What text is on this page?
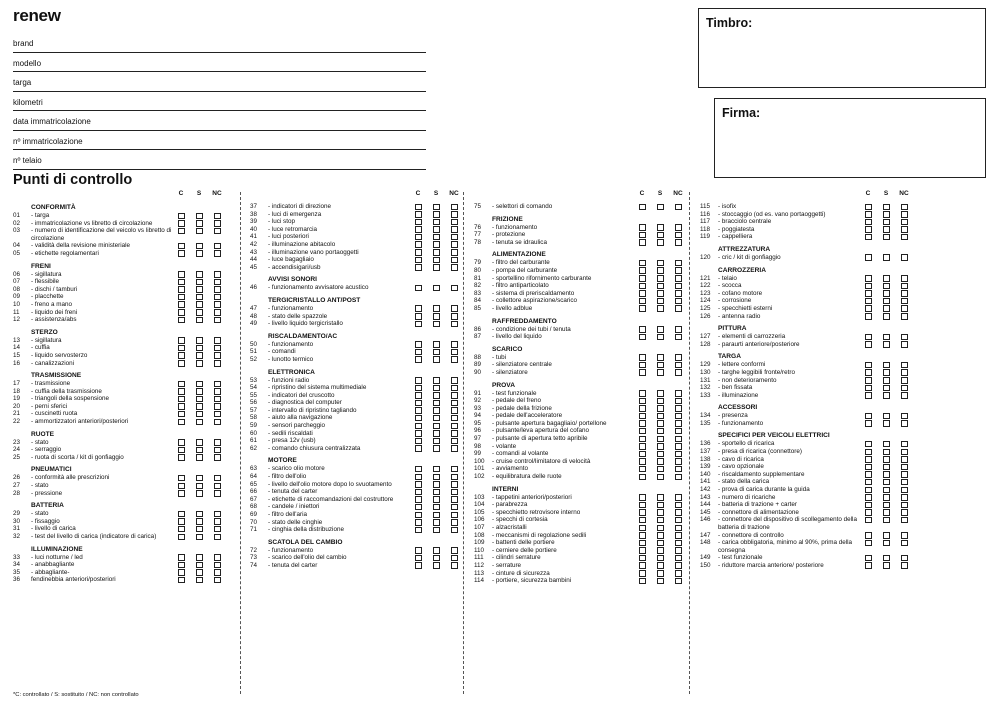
renew
brand
modello
targa
kilometri
data immatricolazione
nº immatricolazione
nº telaio
Timbro:
Firma:
Punti di controllo
C	S	NC
CONFORMITÀ
01	- targa
02	- immatricolazione vs libretto di circolazione
03	- numero di identificazione del veicolo vs libretto di circolazione
04	- validità della revisione ministeriale
05	- etichette regolamentari
FRENI
06	- sigillatura
07	- flessibile
08	- dischi / tamburi
09	- placchette
10	- freno a mano
11	- liquido dei freni
12	- assistenza/abs
STERZO
13	- sigillatura
14	- cuffia
15	- liquido servosterzo
16	- canalizzazioni
TRASMISSIONE
17	- trasmissione
18	- cuffia della trasmissione
19	- triangoli della sospensione
20	- perni sferici
21	- cuscinetti ruota
22	- ammortizzatori anteriori/posteriori
RUOTE
23	- stato
24	- serraggio
25	- ruota di scorta / kit di gonfiaggio
PNEUMATICI
26	- conformità alle prescrizioni
27	- stato
28	- pressione
BATTERIA
29	- stato
30	- fissaggio
31	- livello di carica
32	- test del livello di carica (indicatore di carica)
ILLUMINAZIONE
33	- luci notturne / led
34	- anabbagliante
35	- abbagliante-
36	fendinebbia anteriori/posteriori
C	S	NC
37	- indicatori di direzione
38	- luci di emergenza
39	- luci stop
40	- luce retromarcia
41	- luci posteriori
42	- illuminazione abitacolo
43	- illuminazione vano portaoggetti
44	- luce bagagliaio
45	- accendisigari/usb
AVVISI SONORI
46	- funzionamento avvisatore acustico
TERGICRISTALLO ANT/POST
47	- funzionamento
48	- stato delle spazzole
49	- livello liquido tergicristallo
RISCALDAMENTO/AC
50	- funzionamento
51	- comandi
52	- lunotto termico
ELETTRONICA
53	- funzioni radio
54	- ripristino del sistema multimediale
55	- indicatori del cruscotto
56	- diagnostica del computer
57	- intervallo di ripristino tagliando
58	- aiuto alla navigazione
59	- sensori parcheggio
60	- sedili riscaldati
61	- presa 12v (usb)
62	- comando chiusura centralizzata
MOTORE
63	- scarico olio motore
64	- filtro dell'olio
65	- livello dell'olio motore dopo lo svuotamento
66	- tenuta del carter
67	- etichette di raccomandazioni del costruttore
68	- candele / iniettori
69	- filtro dell'aria
70	- stato delle cinghie
71	- cinghia della distribuzione
SCATOLA DEL CAMBIO
72	- funzionamento
73	- scarico dell'olio del cambio
74	- tenuta del carter
C	S	NC
75	- selettori di comando
FRIZIONE
76	- funzionamento
77	- protezione
78	- tenuta se idraulica
ALIMENTAZIONE
79	- filtro del carburante
80	- pompa del carburante
81	- sportellino rifornimento carburante
82	- filtro antiparticolato
83	- sistema di preriscaldamento
84	- collettore aspirazione/scarico
85	- livello adblue
RAFFREDDAMENTO
86	- condizione dei tubi / tenuta
87	- livello del liquido
SCARICO
88	- tubi
89	- silenziatore centrale
90	- silenziatore
PROVA
91	- test funzionale
92	- pedale del freno
93	- pedale della frizione
94	- pedale dell'acceleratore
95	- pulsante apertura bagagliaio/ portellone
96	- pulsante/leva apertura del cofano
97	- pulsante di apertura tetto apribile
98	- volante
99	- comandi al volante
100	- cruise control/limitatore di velocità
101	- avviamento
102	- equilibratura delle ruote
INTERNI
103	- tappetini anteriori/posteriori
104	- parabrezza
105	- specchietto retrovisore interno
106	- specchi di cortesia
107	- alzacristalli
108	- meccanismi di regolazione sedili
109	- battenti delle portiere
110	- cerniere delle portiere
111	- cilindri serrature
112	- serrature
113	- cinture di sicurezza
114	- portiere, sicurezza bambini
C	S	NC
115	- isofix
116	- stoccaggio (od es. vano portaoggetti)
117	- bracciolo centrale
118	- poggiatesta
119	- cappelliera
ATTREZZATURA
120	- cric / kit di gonfiaggio
CARROZZERIA
121	- telaio
122	- scocca
123	- cofano motore
124	- corrosione
125	- specchietti esterni
126	- antenna radio
PITTURA
127	- elementi di carrozzeria
128	- paraurti anteriore/posteriore
TARGA
129	- lettere conformi
130	- targhe leggibili fronte/retro
131	- non deterioramento
132	- ben fissata
133	- illuminazione
ACCESSORI
134	- presenza
135	- funzionamento
SPECIFICI PER VEICOLI ELETTRICI
136	- sportello di ricarica
137	- presa di ricarica (connettore)
138	- cavo di ricarica
139	- cavo opzionale
140	- riscaldamento supplementare
141	- stato della carica
142	- prova di carica durante la guida
143	- numero di ricariche
144	- batteria di trazione + carter
145	- connettore di alimentazione
146	- connettore del dispositivo di scollegamento della batteria di trazione
147	- connettore di controllo
148	- carica obbligatoria, minimo al 90%, prima della consegna
149	- test funzionale
150	- riduttore marcia anteriore/ posteriore
*C: controllato / S: sostituito / NC: non controllato
